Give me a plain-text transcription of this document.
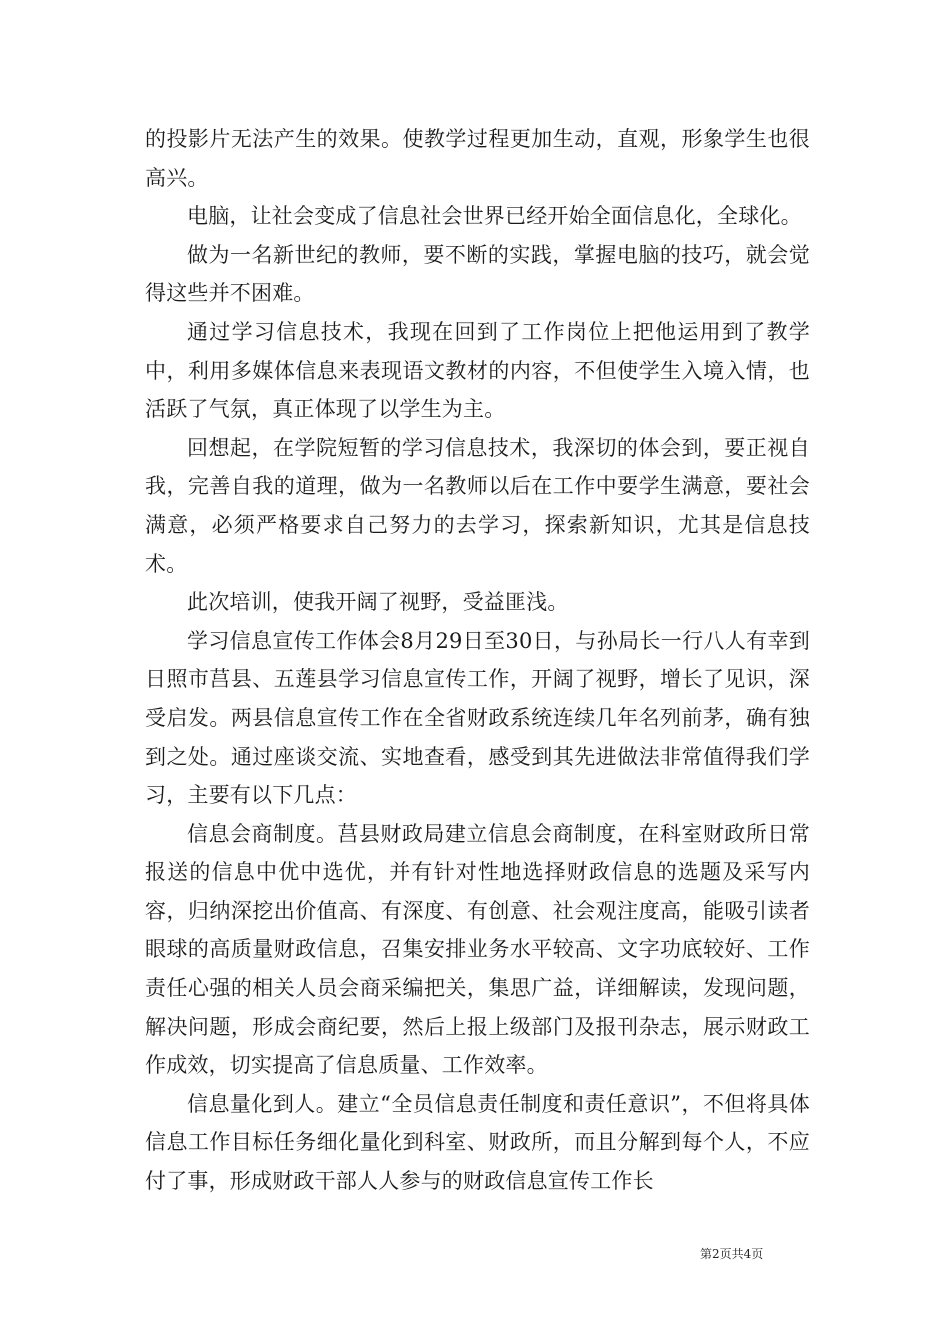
的投影片无法产生的效果。使教学过程更加生动，直观，形象学生也很高兴。

电脑，让社会变成了信息社会世界已经开始全面信息化，全球化。

做为一名新世纪的教师，要不断的实践，掌握电脑的技巧，就会觉得这些并不困难。

通过学习信息技术，我现在回到了工作岗位上把他运用到了教学中，利用多媒体信息来表现语文教材的内容，不但使学生入境入情，也活跃了气氛，真正体现了以学生为主。

回想起，在学院短暂的学习信息技术，我深切的体会到，要正视自我，完善自我的道理，做为一名教师以后在工作中要学生满意，要社会满意，必须严格要求自己努力的去学习，探索新知识，尤其是信息技术。

此次培训，使我开阔了视野，受益匪浅。

学习信息宣传工作体会8月29日至30日，与孙局长一行八人有幸到日照市莒县、五莲县学习信息宣传工作，开阔了视野，增长了见识，深受启发。两县信息宣传工作在全省财政系统连续几年名列前茅，确有独到之处。通过座谈交流、实地查看，感受到其先进做法非常值得我们学习，主要有以下几点：

信息会商制度。莒县财政局建立信息会商制度，在科室财政所日常报送的信息中优中选优，并有针对性地选择财政信息的选题及采写内容，归纳深挖出价值高、有深度、有创意、社会观注度高，能吸引读者眼球的高质量财政信息，召集安排业务水平较高、文字功底较好、工作责任心强的相关人员会商采编把关，集思广益，详细解读，发现问题，解决问题，形成会商纪要，然后上报上级部门及报刊杂志，展示财政工作成效，切实提高了信息质量、工作效率。

信息量化到人。建立“全员信息责任制度和责任意识”，不但将具体信息工作目标任务细化量化到科室、财政所，而且分解到每个人，不应付了事，形成财政干部人人参与的财政信息宣传工作长

第2页共4页
